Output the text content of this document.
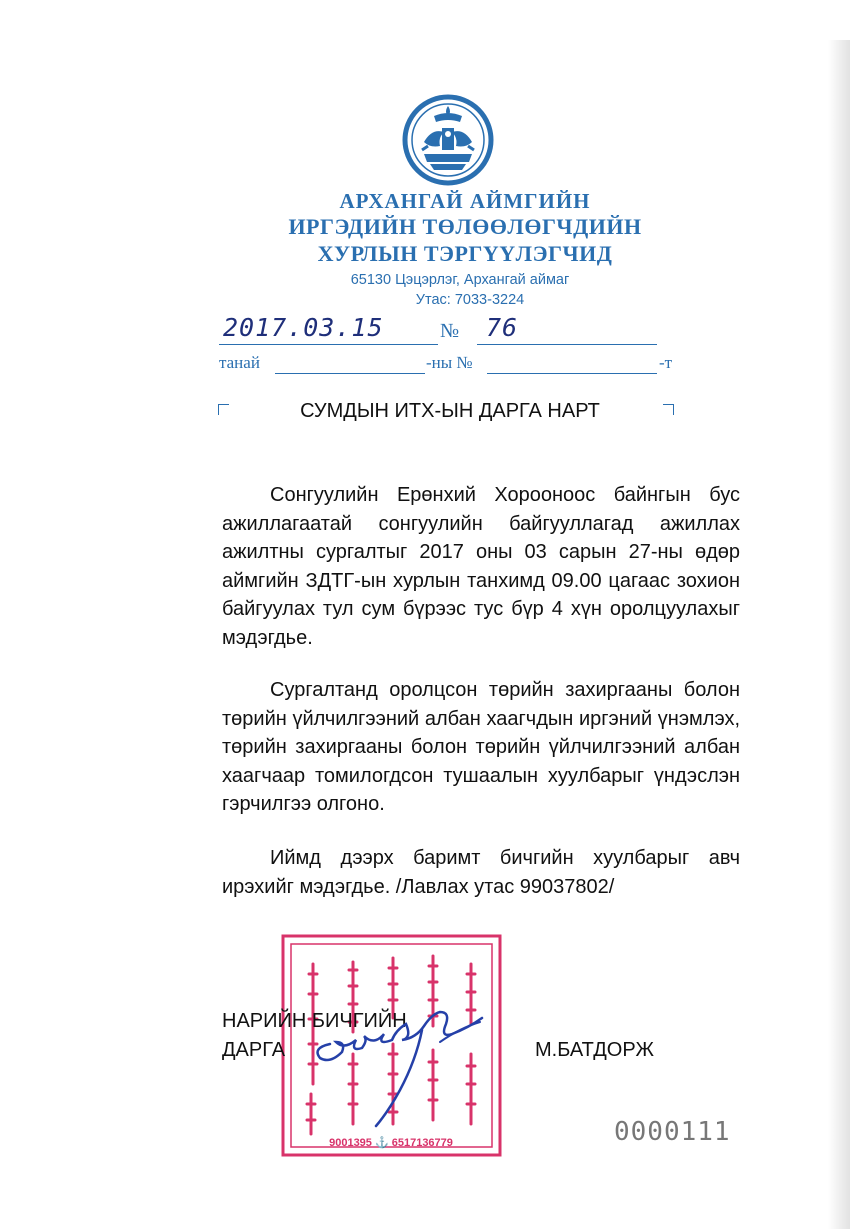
АРХАНГАЙ АЙМГИЙН

ИРГЭДИЙН ТӨЛӨӨЛӨГЧДИЙН

ХУРЛЫН ТЭРГҮҮЛЭГЧИД

65130 Цэцэрлэг, Архангай аймаг
Утас: 7033-3224
2017.03.15	№ 76
танай	-ны №	-т
СУМДЫН ИТХ-ЫН ДАРГА НАРТ

Сонгуулийн Ерөнхий Хорооноос байнгын бус ажиллагаатай сонгуулийн байгууллагад ажиллах ажилтны сургалтыг 2017 оны 03 сарын 27-ны өдөр аймгийн ЗДТГ-ын хурлын танхимд 09.00 цагаас зохион байгуулах тул сум бүрээс тус бүр 4 хүн оролцуулахыг мэдэгдье.

Сургалтанд оролцсон төрийн захиргааны болон төрийн үйлчилгээний албан хаагчдын иргэний үнэмлэх, төрийн захиргааны болон төрийн үйлчилгээний албан хаагчаар томилогдсон тушаалын хуулбарыг үндэслэн гэрчилгээ олгоно.

Иймд дээрх баримт бичгийн хуулбарыг авч ирэхийг мэдэгдье. /Лавлах утас 99037802/

9001395 ⚓ 6517136779
НАРИЙН БИЧГИЙН
ДАРГА	М.БАТДОРЖ
0000111
